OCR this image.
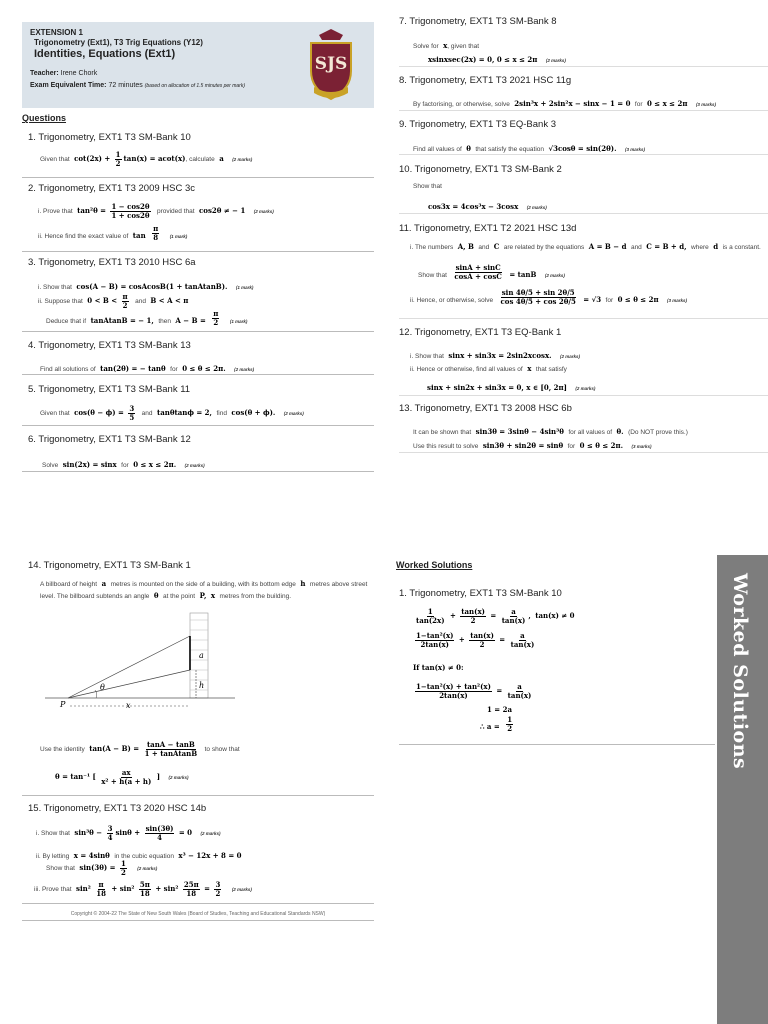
EXTENSION 1
Trigonometry (Ext1), T3 Trig Equations (Y12)
Identities, Equations (Ext1)
Teacher: Irene Chork
Exam Equivalent Time: 72 minutes (based on allocation of 1.5 minutes per mark)
SJS
Questions
1. Trigonometry, EXT1 T3 SM-Bank 10
Given that $\cot(2x) + \frac{1}{2} \tan(x) = acot(x)$, calculate a (2 marks)
2. Trigonometry, EXT1 T3 2009 HSC 3c
i. Prove that $\tan^2\theta = \frac{1 - \cos 2\theta}{1 + \cos 2\theta}$ provided that cos2θ ≠ − 1 (2 marks)
ii. Hence find the exact value of $\tan \frac{\pi}{8} (1$ mark)
3. Trigonometry, EXT1 T3 2010 HSC 6a
i. Show that cos(A − B) = cosAcosB(1 + tanAtanB). (1 mark)
ii. Suppose that $0 < B < \frac{\pi}{2}$ and B < A < π
Deduce that if tanAtanB = − 1, then $A - B = \frac{\pi}{2} (1$ mark)
4. Trigonometry, EXT1 T3 SM-Bank 13
Find all solutions of tan(2θ) = − tanθ for 0 ≤ θ ≤ 2π. (2 marks)
5. Trigonometry, EXT1 T3 SM-Bank 11
Given that $\cos(\theta - \phi) = \frac{3}{5}$ and tanθtanϕ = 2, find cos(θ + ϕ). (2 marks)
6. Trigonometry, EXT1 T3 SM-Bank 12
Solve sin(2x) = sinx for 0 ≤ x ≤ 2π. (2 marks)
7. Trigonometry, EXT1 T3 SM-Bank 8
Solve for x, given that
xsinxsec(2x) = 0, 0 ≤ x ≤ 2π (2 marks)
8. Trigonometry, EXT1 T3 2021 HSC 11g
By factorising, or otherwise, solve 2sin³x + 2sin²x − sinx − 1 = 0 for 0 ≤ x ≤ 2π (3 marks)
9. Trigonometry, EXT1 T3 EQ-Bank 3
Find all values of θ that satisfy the equation √3cosθ = sin(2θ). (3 marks)
10. Trigonometry, EXT1 T3 SM-Bank 2
Show that
cos3x = 4cos³x − 3cosx (2 marks)
11. Trigonometry, EXT1 T2 2021 HSC 13d
i. The numbers A, B and C are related by the equations A = B − d and C = B + d, where d is a constant.
Show that $\frac{\sin A + \sin C}{\cos A + \cos C} = \tan B$ (2 marks)
ii. Hence, or otherwise, solve $\frac{\sin 4\theta/5 + \sin 2\theta/5}{\cos 4\theta/5 + \cos 2\theta/5} = √3$ for 0 ≤ θ ≤ 2π (3 marks)
12. Trigonometry, EXT1 T3 EQ-Bank 1
i. Show that sinx + sin3x = 2sin2xcosx. (2 marks)
ii. Hence or otherwise, find all values of x that satisfy
sinx + sin2x + sin3x = 0, x ∈ [0, 2π] (2 marks)
13. Trigonometry, EXT1 T3 2008 HSC 6b
It can be shown that sin3θ = 3sinθ − 4sin³θ for all values of θ. (Do NOT prove this.)
Use this result to solve sin3θ + sin2θ = sinθ for 0 ≤ θ ≤ 2π. (3 marks)
14. Trigonometry, EXT1 T3 SM-Bank 1
A billboard of height a metres is mounted on the side of a building, with its bottom edge h metres above street level. The billboard subtends an angle θ at the point P, x metres from the building.
a
h
θ
P	x
Use the identity $\tan(A - B) = \frac{\tan A - \tan B}{\text{1 + tanAtanB}}$ to show that
θ = tan⁻¹ [ $\frac{ax}{\text{x² + h(a + h)}}$ ] (2 marks)
15. Trigonometry, EXT1 T3 2020 HSC 14b
i. Show that $\sin^3\theta - \frac{3}{4}$ $\sin\theta + \frac{\sin(3\theta)}{4} = 0$ (2 marks)
ii. By letting x = 4sinθ in the cubic equation x³ − 12x + 8 = 0
Show that $\sin(3\theta) = \frac{1}{2} (2$ marks)
iii. Prove that $\sin^2 \frac{\pi}{18} + \sin^2 \frac{5\pi}{18} + \sin^2 \frac{25\pi}{18} = \frac{3}{2} (2$ marks)
Copyright © 2004-22 The State of New South Wales (Board of Studies, Teaching and Educational Standards NSW)
Worked Solutions
1. Trigonometry, EXT1 T3 SM-Bank 10
$\frac{1}{\tan(2x)} + \frac{\tan(x)}{2} = \frac{a}{\tan(x)}$ , tan(x) ≠ 0
$\frac{\text{1−tan²(x)}}{2\tan(x)} + \frac{\tan(x)}{2} = \frac{a}{\tan(x)}$
If tan(x) ≠ 0:
$\frac{\text{1−tan²(x) + tan²(x)}}{2\tan(x)} = \frac{a}{\tan(x)}$
1 = 2a
∴ $a = \frac{1}{2}$	Worked Solutions
